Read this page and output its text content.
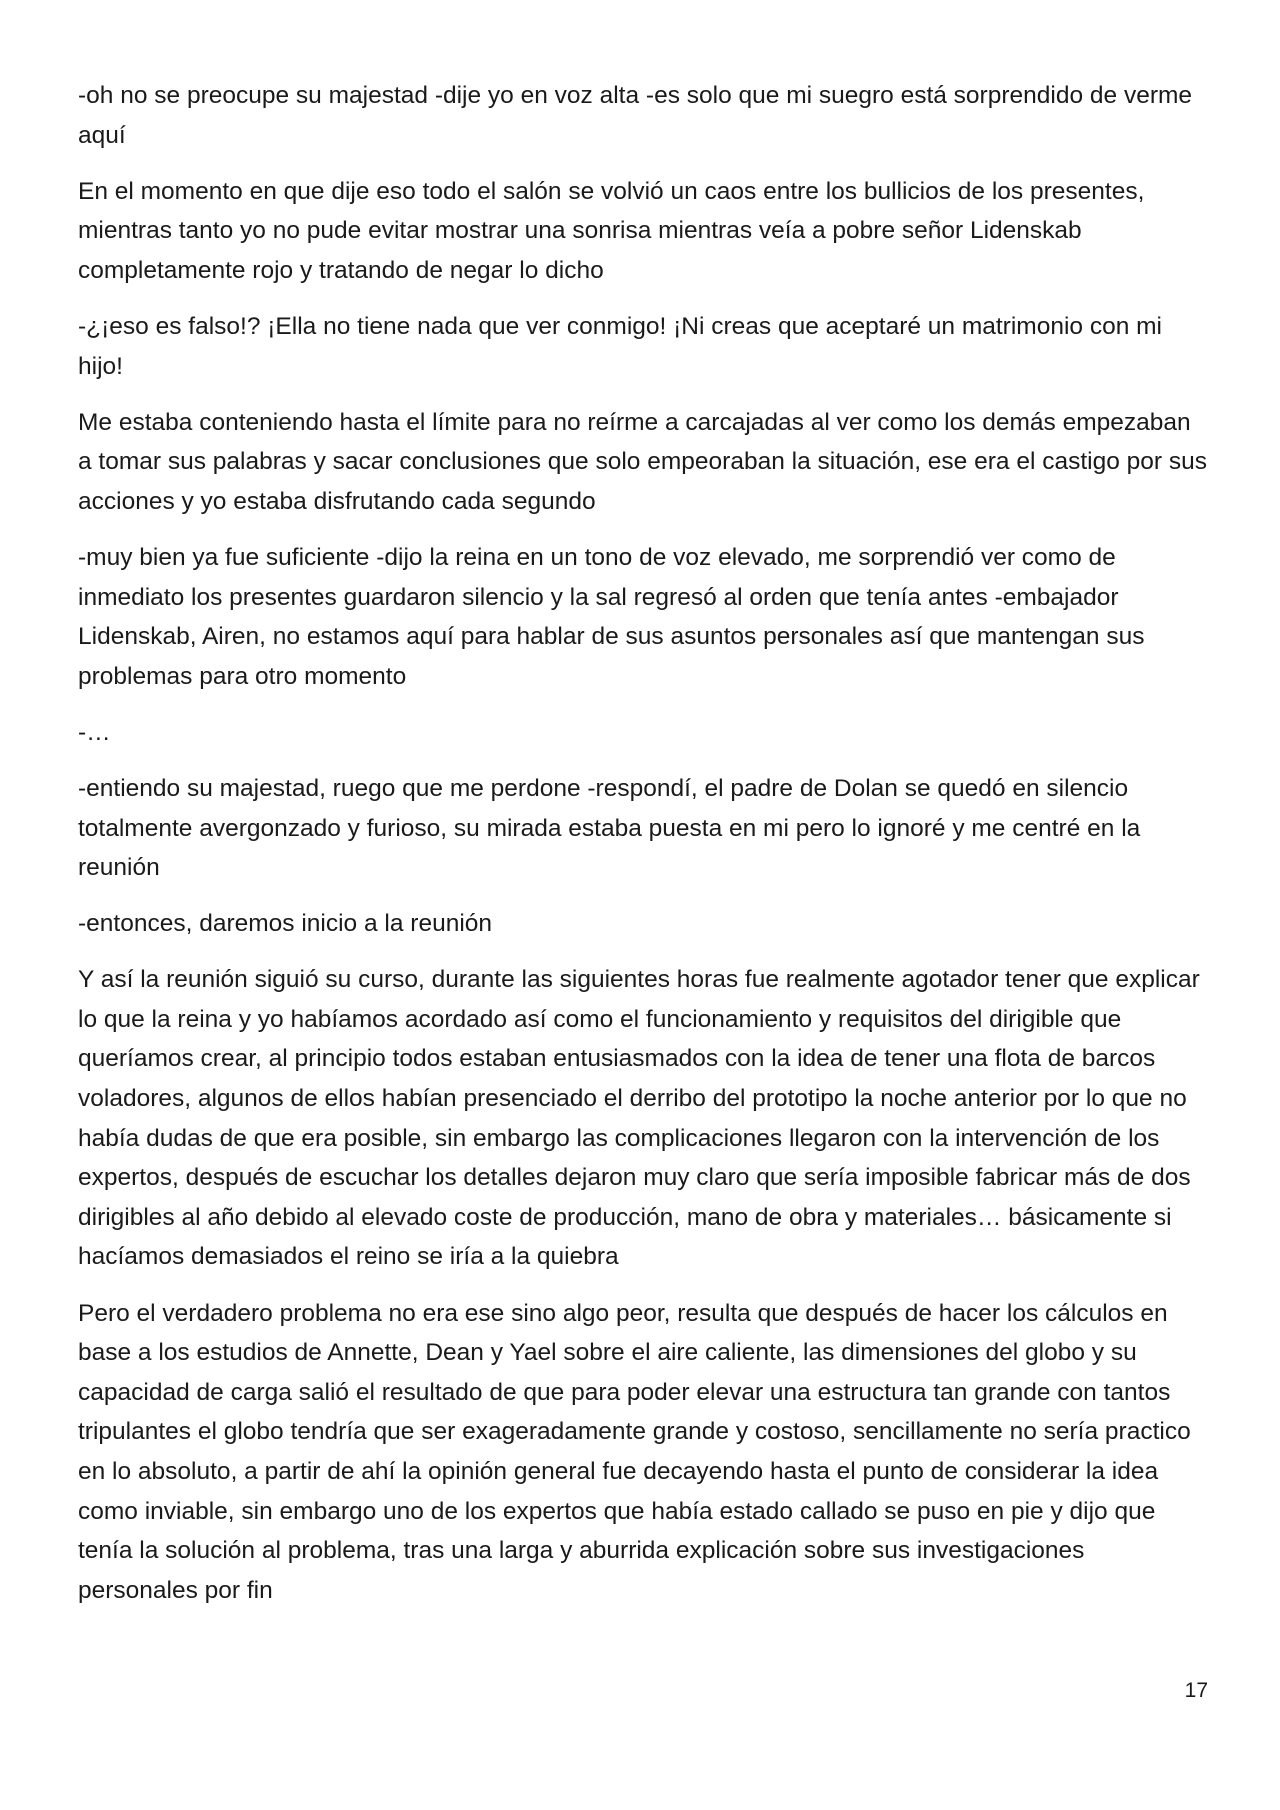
-oh no se preocupe su majestad -dije yo en voz alta -es solo que mi suegro está sorprendido de verme aquí

En el momento en que dije eso todo el salón se volvió un caos entre los bullicios de los presentes, mientras tanto yo no pude evitar mostrar una sonrisa mientras veía a pobre señor Lidenskab completamente rojo y tratando de negar lo dicho

-¿¡eso es falso!? ¡Ella no tiene nada que ver conmigo! ¡Ni creas que aceptaré un matrimonio con mi hijo!

Me estaba conteniendo hasta el límite para no reírme a carcajadas al ver como los demás empezaban a tomar sus palabras y sacar conclusiones que solo empeoraban la situación, ese era el castigo por sus acciones y yo estaba disfrutando cada segundo

-muy bien ya fue suficiente -dijo la reina en un tono de voz elevado, me sorprendió ver como de inmediato los presentes guardaron silencio y la sal regresó al orden que tenía antes -embajador Lidenskab, Airen, no estamos aquí para hablar de sus asuntos personales así que mantengan sus problemas para otro momento

-…

-entiendo su majestad, ruego que me perdone -respondí, el padre de Dolan se quedó en silencio totalmente avergonzado y furioso, su mirada estaba puesta en mi pero lo ignoré y me centré en la reunión

-entonces, daremos inicio a la reunión

Y así la reunión siguió su curso, durante las siguientes horas fue realmente agotador tener que explicar lo que la reina y yo habíamos acordado así como el funcionamiento y requisitos del dirigible que queríamos crear, al principio todos estaban entusiasmados con la idea de tener una flota de barcos voladores, algunos de ellos habían presenciado el derribo del prototipo la noche anterior por lo que no había dudas de que era posible, sin embargo las complicaciones llegaron con la intervención de los expertos, después de escuchar los detalles dejaron muy claro que sería imposible fabricar más de dos dirigibles al año debido al elevado coste de producción, mano de obra y materiales… básicamente si hacíamos demasiados el reino se iría a la quiebra

Pero el verdadero problema no era ese sino algo peor, resulta que después de hacer los cálculos en base a los estudios de Annette, Dean y Yael sobre el aire caliente, las dimensiones del globo y su capacidad de carga salió el resultado de que para poder elevar una estructura tan grande con tantos tripulantes el globo tendría que ser exageradamente grande y costoso, sencillamente no sería practico en lo absoluto, a partir de ahí la opinión general fue decayendo hasta el punto de considerar la idea como inviable, sin embargo uno de los expertos que había estado callado se puso en pie y dijo que tenía la solución al problema, tras una larga y aburrida explicación sobre sus investigaciones personales por fin

17
